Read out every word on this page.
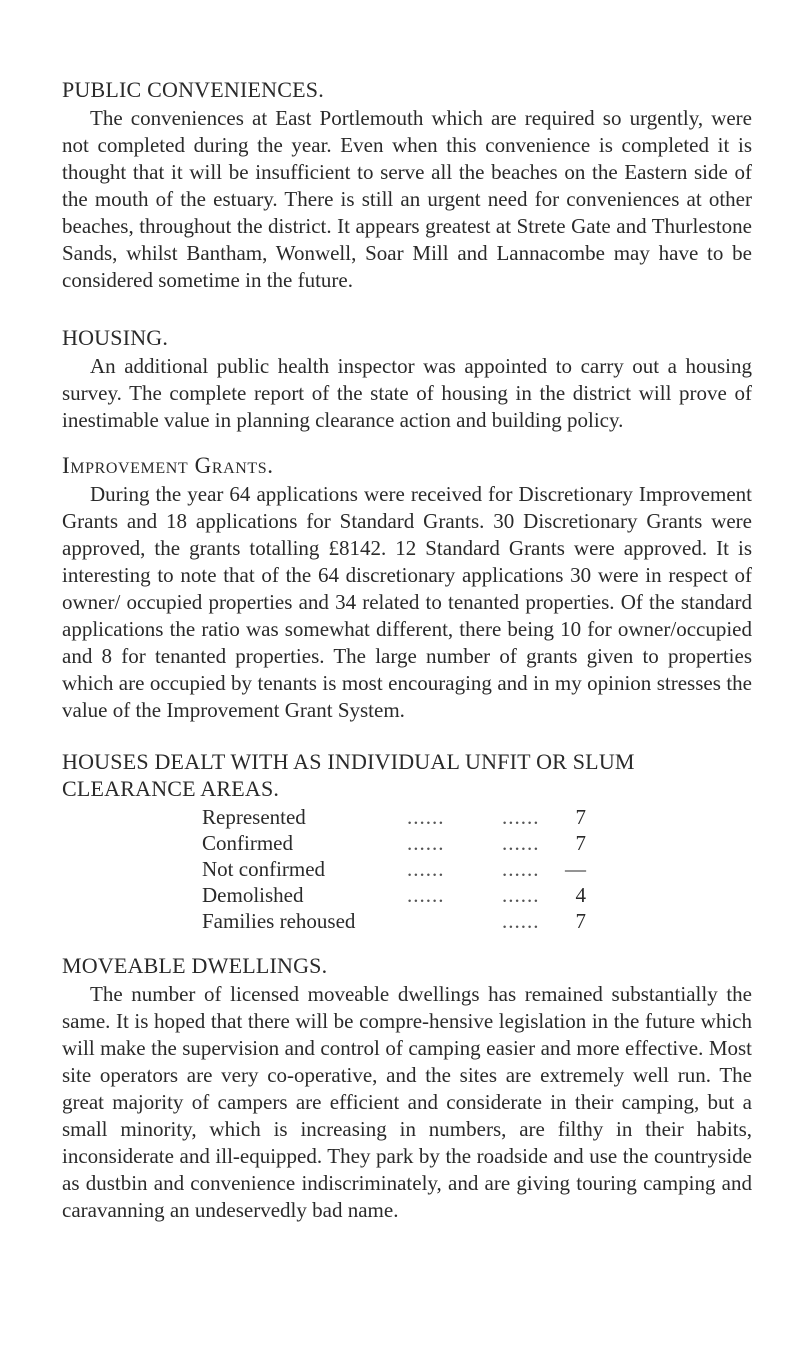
PUBLIC CONVENIENCES.

The conveniences at East Portlemouth which are required so urgently, were not completed during the year. Even when this convenience is completed it is thought that it will be insufficient to serve all the beaches on the Eastern side of the mouth of the estuary. There is still an urgent need for conveniences at other beaches, throughout the district. It appears greatest at Strete Gate and Thurlestone Sands, whilst Bantham, Wonwell, Soar Mill and Lannacombe may have to be considered sometime in the future.

HOUSING.

An additional public health inspector was appointed to carry out a housing survey. The complete report of the state of housing in the district will prove of inestimable value in planning clearance action and building policy.

Improvement Grants.

During the year 64 applications were received for Discretionary Improvement Grants and 18 applications for Standard Grants. 30 Discretionary Grants were approved, the grants totalling £8142. 12 Standard Grants were approved. It is interesting to note that of the 64 discretionary applications 30 were in respect of owner/ occupied properties and 34 related to tenanted properties. Of the standard applications the ratio was somewhat different, there being 10 for owner/occupied and 8 for tenanted properties. The large number of grants given to properties which are occupied by tenants is most encouraging and in my opinion stresses the value of the Improvement Grant System.

HOUSES DEALT WITH AS INDIVIDUAL UNFIT OR SLUM CLEARANCE AREAS.
Represented	......	......	7
Confirmed	......	......	7
Not confirmed	......	......	—
Demolished	......	......	4
Families rehoused		......	7
MOVEABLE DWELLINGS.

The number of licensed moveable dwellings has remained substantially the same. It is hoped that there will be compre-hensive legislation in the future which will make the supervision and control of camping easier and more effective. Most site operators are very co-operative, and the sites are extremely well run. The great majority of campers are efficient and considerate in their camping, but a small minority, which is increasing in numbers, are filthy in their habits, inconsiderate and ill-equipped. They park by the roadside and use the countryside as dustbin and convenience indiscriminately, and are giving touring camping and caravanning an undeservedly bad name.
